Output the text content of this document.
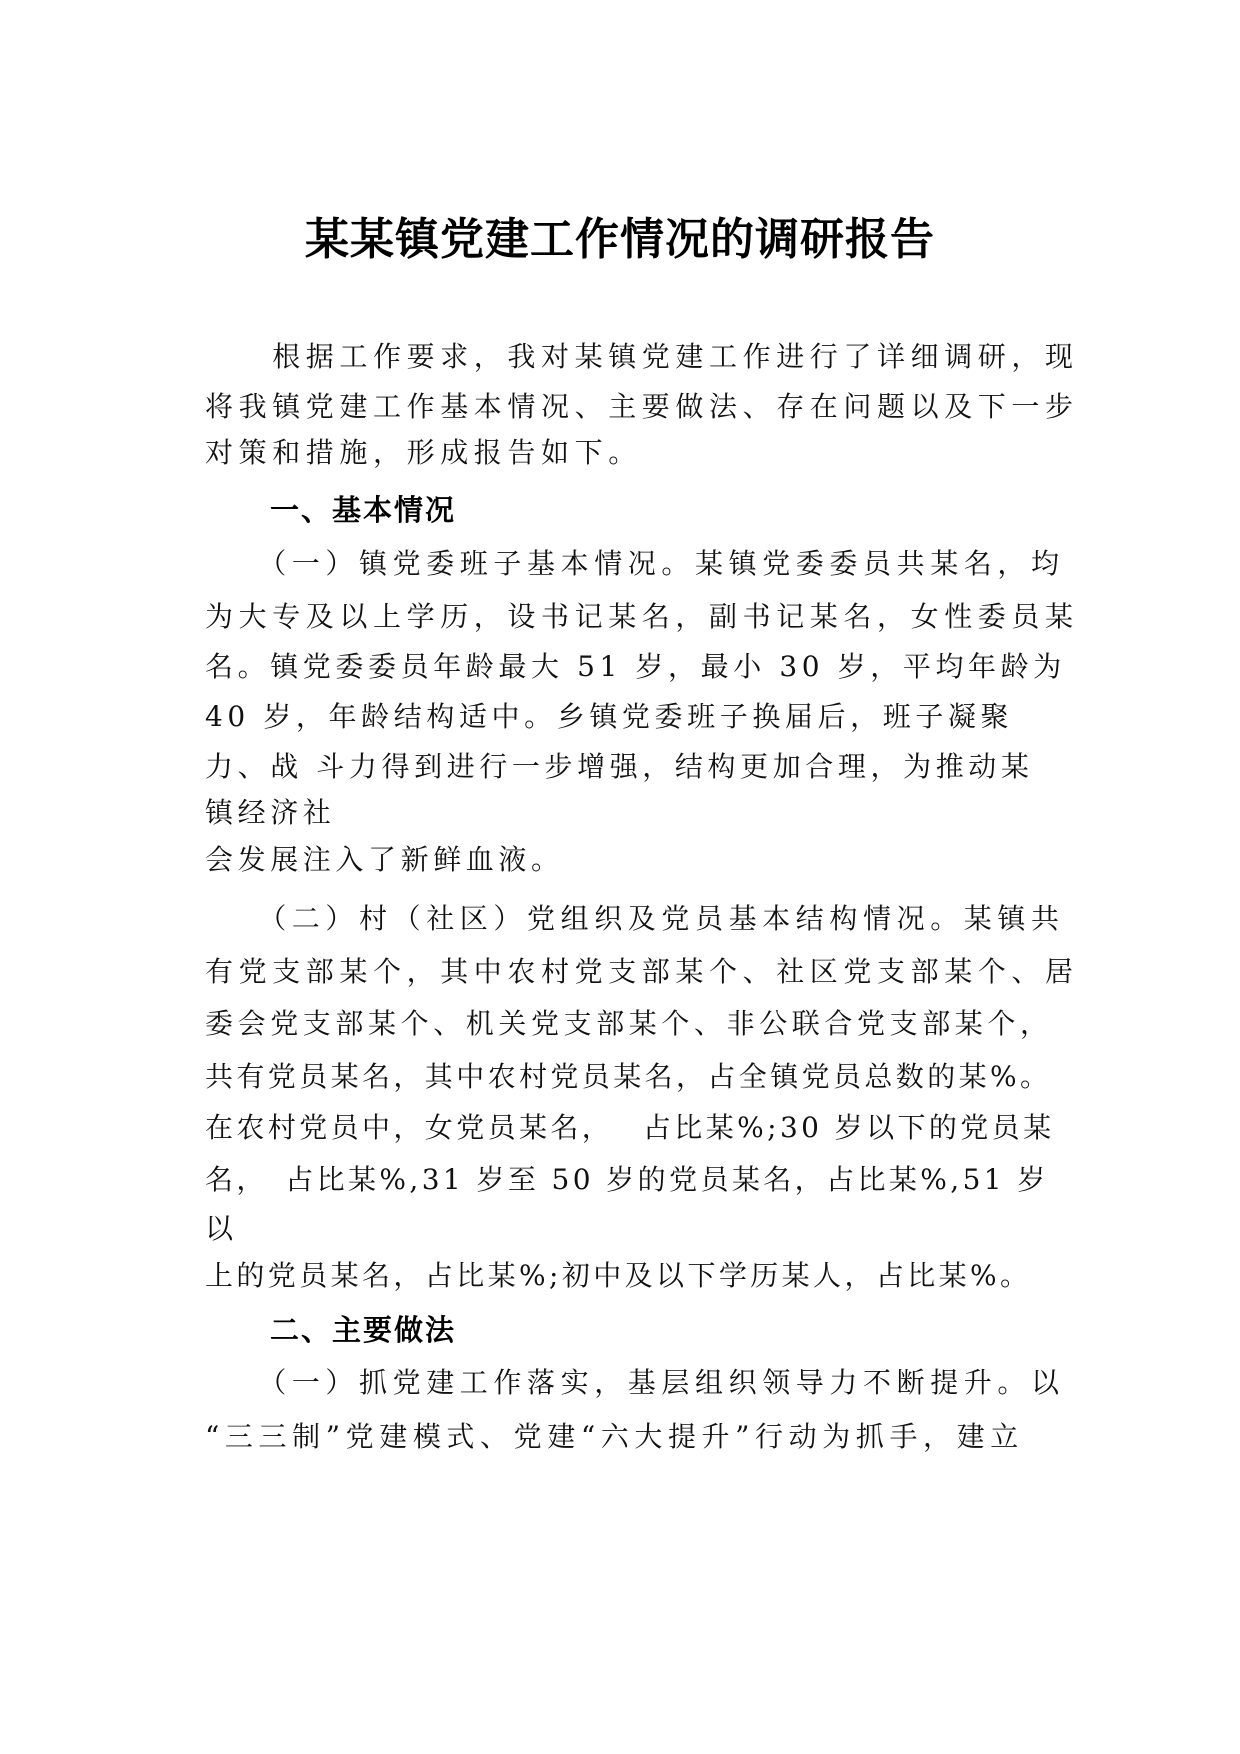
某某镇党建工作情况的调研报告
　　根据工作要求，我对某镇党建工作进行了详细调研，现
将我镇党建工作基本情况、主要做法、存在问题以及下一步
对策和措施，形成报告如下。
一、基本情况
　　（一）镇党委班子基本情况。某镇党委委员共某名，均
为大专及以上学历，设书记某名，副书记某名，女性委员某
名。镇党委委员年龄最大 51 岁，最小 30 岁，平均年龄为
40 岁，年龄结构适中。乡镇党委班子换届后，班子凝聚
力、战 斗力得到进行一步增强，结构更加合理，为推动某
镇经济社
会发展注入了新鲜血液。
　　（二）村（社区）党组织及党员基本结构情况。某镇共
有党支部某个，其中农村党支部某个、社区党支部某个、居
委会党支部某个、机关党支部某个、非公联合党支部某个，
共有党员某名，其中农村党员某名，占全镇党员总数的某%。
在农村党员中，女党员某名，　 占比某%;30 岁以下的党员某
名，　占比某%,31 岁至 50 岁的党员某名，占比某%,51 岁
以
上的党员某名，占比某%;初中及以下学历某人，占比某%。
二、主要做法
　　（一）抓党建工作落实，基层组织领导力不断提升。以
“三三制”党建模式、党建“六大提升”行动为抓手，建立
